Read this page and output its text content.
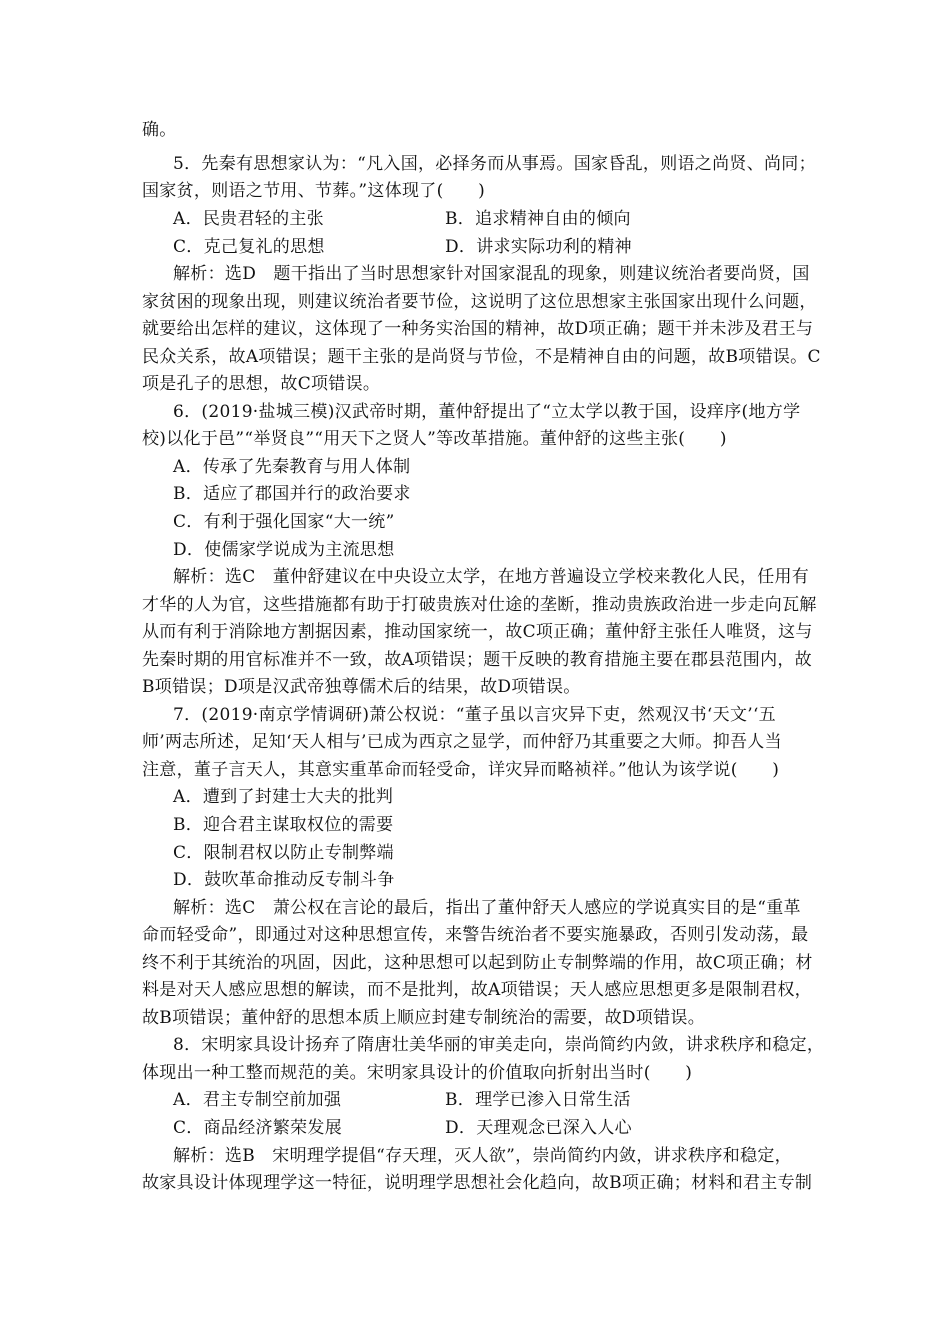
确。
5．先秦有思想家认为：“凡入国，必择务而从事焉。国家昏乱，则语之尚贤、尚同；
国家贫，则语之节用、节葬。”这体现了(　　)
A．民贵君轻的主张	B．追求精神自由的倾向
C．克己复礼的思想	D．讲求实际功利的精神
解析：选D　题干指出了当时思想家针对国家混乱的现象，则建议统治者要尚贤，国
家贫困的现象出现，则建议统治者要节俭，这说明了这位思想家主张国家出现什么问题，
就要给出怎样的建议，这体现了一种务实治国的精神，故D项正确；题干并未涉及君王与
民众关系，故A项错误；题干主张的是尚贤与节俭，不是精神自由的问题，故B项错误。C
项是孔子的思想，故C项错误。
6．(2019·盐城三模)汉武帝时期，董仲舒提出了“立太学以教于国，设痒序(地方学
校)以化于邑”“举贤良”“用天下之贤人”等改革措施。董仲舒的这些主张(　　)
A．传承了先秦教育与用人体制
B．适应了郡国并行的政治要求
C．有利于强化国家“大一统”
D．使儒家学说成为主流思想
解析：选C　董仲舒建议在中央设立太学，在地方普遍设立学校来教化人民，任用有
才华的人为官，这些措施都有助于打破贵族对仕途的垄断，推动贵族政治进一步走向瓦解
从而有利于消除地方割据因素，推动国家统一，故C项正确；董仲舒主张任人唯贤，这与
先秦时期的用官标准并不一致，故A项错误；题干反映的教育措施主要在郡县范围内，故
B项错误；D项是汉武帝独尊儒术后的结果，故D项错误。
7．(2019·南京学情调研)萧公权说：“董子虽以言灾异下吏，然观汉书‘天文’‘五
师’两志所述，足知‘天人相与’已成为西京之显学，而仲舒乃其重要之大师。抑吾人当
注意，董子言天人，其意实重革命而轻受命，详灾异而略祯祥。”他认为该学说(　　)
A．遭到了封建士大夫的批判
B．迎合君主谋取权位的需要
C．限制君权以防止专制弊端
D．鼓吹革命推动反专制斗争
解析：选C　萧公权在言论的最后，指出了董仲舒天人感应的学说真实目的是“重革
命而轻受命”，即通过对这种思想宣传，来警告统治者不要实施暴政，否则引发动荡，最
终不利于其统治的巩固，因此，这种思想可以起到防止专制弊端的作用，故C项正确；材
料是对天人感应思想的解读，而不是批判，故A项错误；天人感应思想更多是限制君权，
故B项错误；董仲舒的思想本质上顺应封建专制统治的需要，故D项错误。
8．宋明家具设计扬弃了隋唐壮美华丽的审美走向，崇尚简约内敛，讲求秩序和稳定，
体现出一种工整而规范的美。宋明家具设计的价值取向折射出当时(　　)
A．君主专制空前加强	B．理学已渗入日常生活
C．商品经济繁荣发展	D．天理观念已深入人心
解析：选B　宋明理学提倡“存天理，灭人欲”，崇尚简约内敛，讲求秩序和稳定，
故家具设计体现理学这一特征，说明理学思想社会化趋向，故B项正确；材料和君主专制
